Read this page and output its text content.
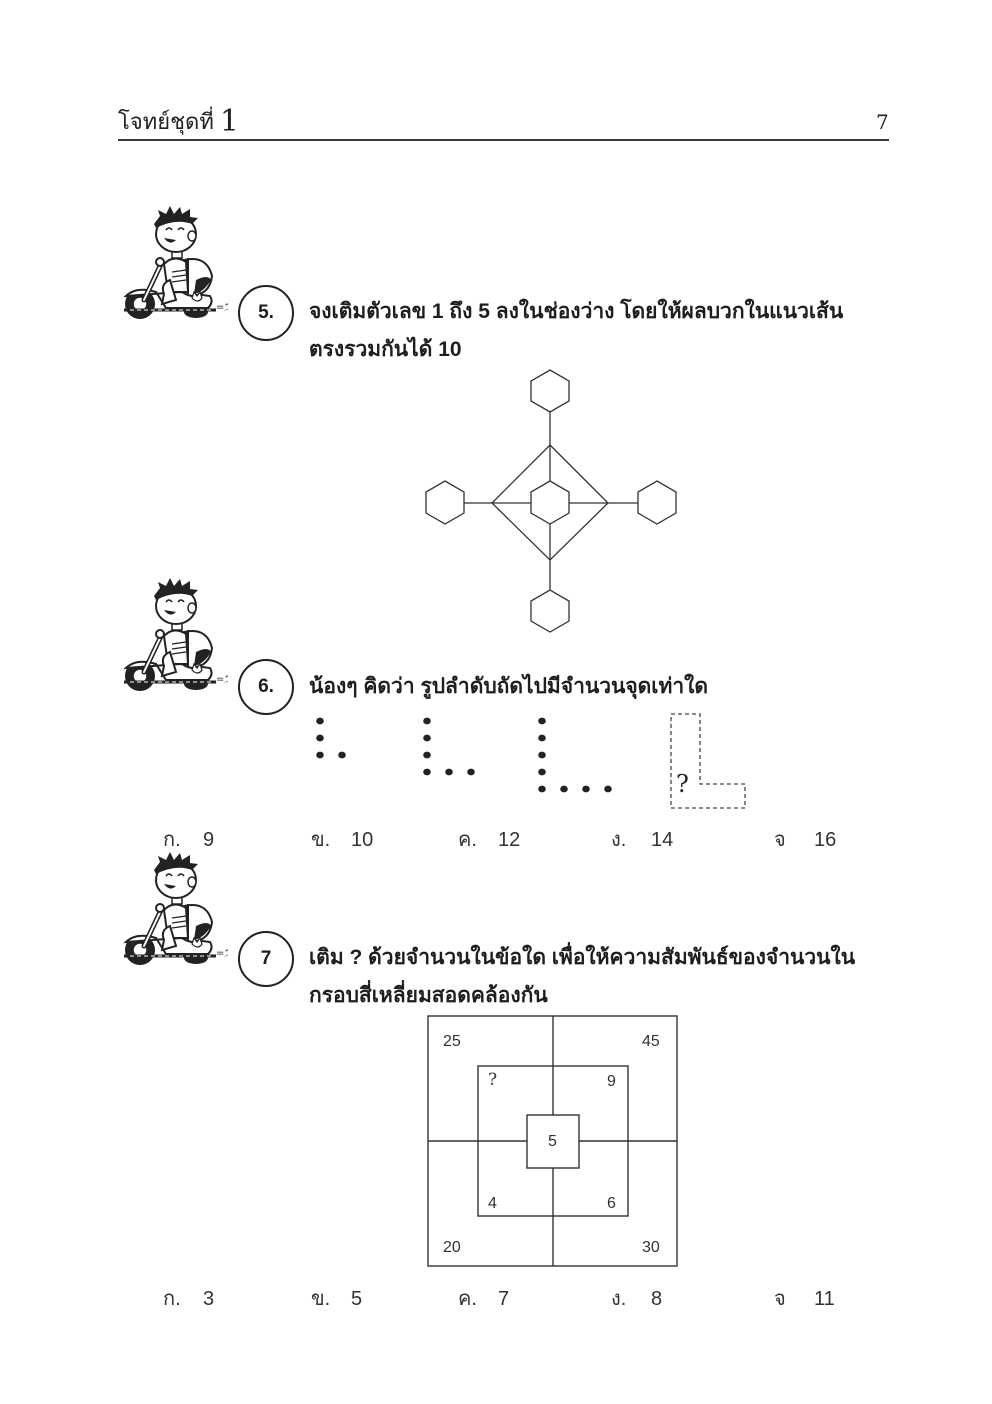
โจทย์ชุดที่ 1	7
5.	จงเติมตัวเลข 1 ถึง 5 ลงในช่องว่าง โดยให้ผลบวกในแนวเส้น
ตรงรวมกันได้ 10
6.	น้องๆ คิดว่า รูปลำดับถัดไปมีจำนวนจุดเท่าใด
?
ก. 9	ข. 10	ค. 12	ง. 14	จ 16
7	เติม ? ด้วยจำนวนในข้อใด เพื่อให้ความสัมพันธ์ของจำนวนใน
กรอบสี่เหลี่ยมสอดคล้องกัน
25	45
20	30
?	9
4	6
5
ก. 3	ข. 5	ค. 7	ง. 8	จ 11
